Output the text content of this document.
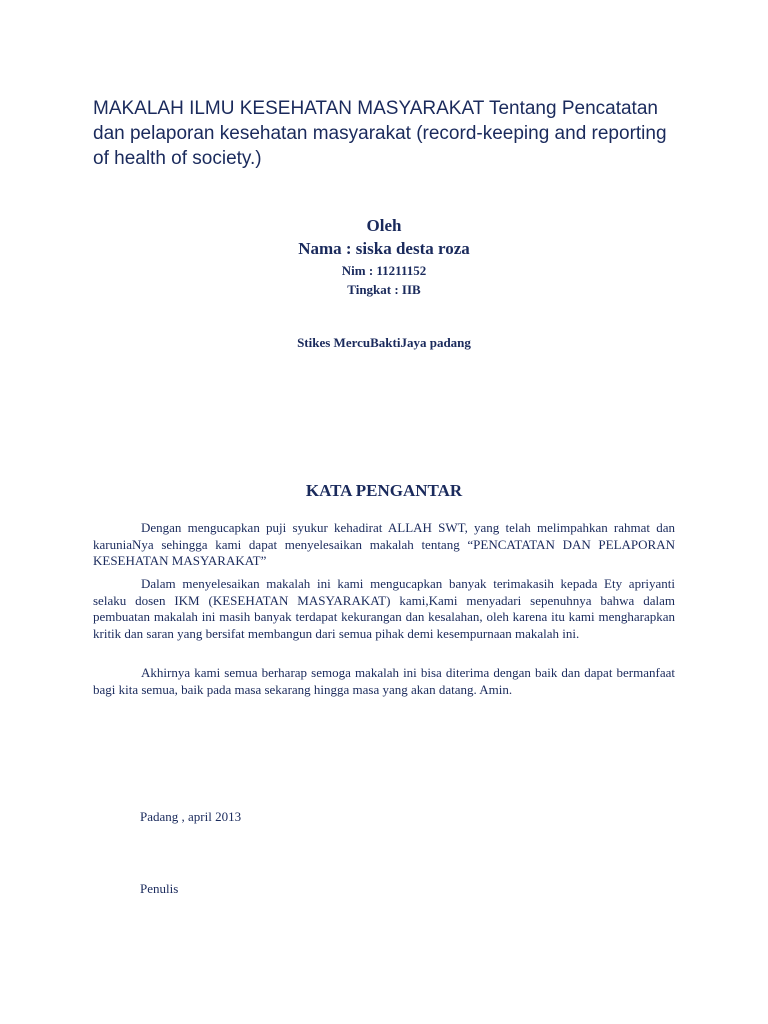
MAKALAH ILMU KESEHATAN MASYARAKAT Tentang Pencatatan dan pelaporan kesehatan masyarakat (record-keeping and reporting of health of society.)
Oleh
Nama : siska desta roza
Nim : 11211152
Tingkat : IIB
Stikes MercuBaktiJaya padang
KATA PENGANTAR

Dengan mengucapkan puji syukur kehadirat ALLAH SWT, yang telah melimpahkan rahmat dan karuniaNya sehingga kami dapat menyelesaikan makalah tentang “PENCATATAN DAN PELAPORAN KESEHATAN MASYARAKAT”

Dalam menyelesaikan makalah ini kami mengucapkan banyak terimakasih kepada Ety apriyanti selaku dosen IKM (KESEHATAN MASYARAKAT) kami,Kami menyadari sepenuhnya bahwa dalam pembuatan makalah ini masih banyak terdapat kekurangan dan kesalahan, oleh karena itu kami mengharapkan kritik dan saran yang bersifat membangun dari semua pihak demi kesempurnaan makalah ini.

Akhirnya kami semua berharap semoga makalah ini bisa diterima dengan baik dan dapat bermanfaat bagi kita semua, baik pada masa sekarang hingga masa yang akan datang. Amin.

Padang , april 2013
Penulis
